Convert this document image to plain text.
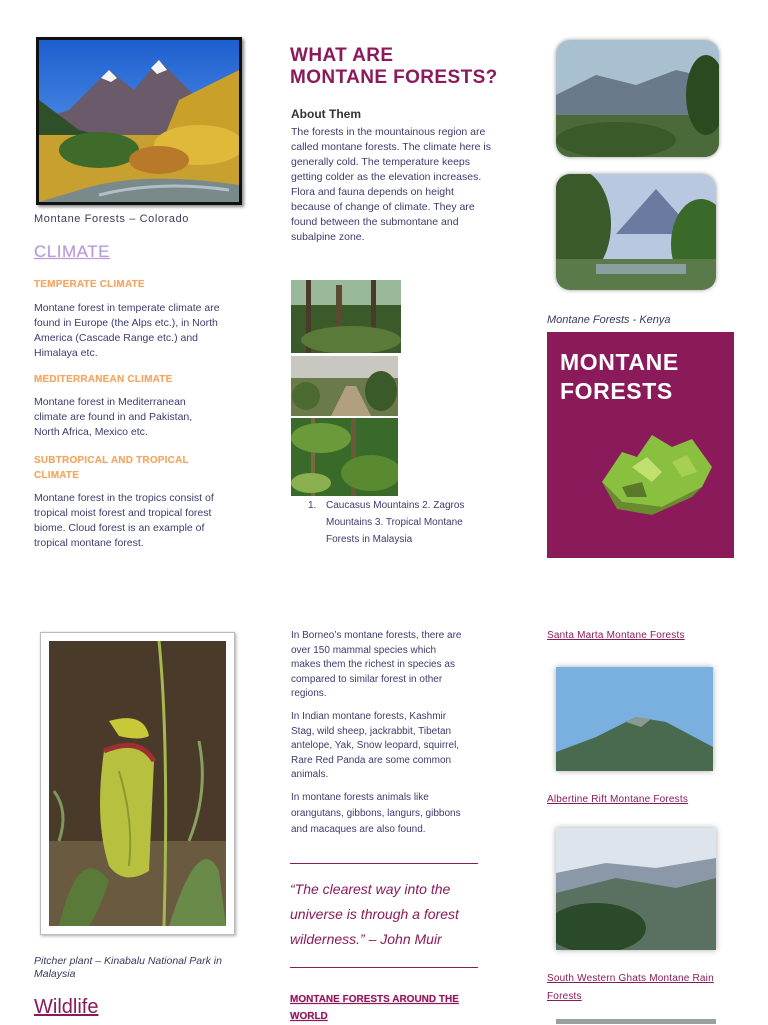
Montane Forests – Colorado
CLIMATE
TEMPERATE CLIMATE
Montane forest in temperate climate are found in Europe (the Alps etc.), in North America (Cascade Range etc.) and Himalaya etc.
MEDITERRANEAN CLIMATE
Montane forest in Mediterranean climate are found in and Pakistan, North Africa, Mexico etc.
SUBTROPICAL AND TROPICAL CLIMATE
Montane forest in the tropics consist of tropical moist forest and tropical forest biome. Cloud forest is an example of tropical montane forest.
Pitcher plant – Kinabalu National Park in Malaysia
Wildlife
WHAT ARE
MONTANE FORESTS?
About Them
The forests in the mountainous region are called montane forests. The climate here is generally cold. The temperature keeps getting colder as the elevation increases. Flora and fauna depends on height because of change of climate. They are found between the submontane and subalpine zone.
1. Caucasus Mountains 2. Zagros Mountains 3. Tropical Montane Forests in Malaysia
In Borneo’s montane forests, there are over 150 mammal species which makes them the richest in species as compared to similar forest in other regions.
In Indian montane forests, Kashmir Stag, wild sheep, jackrabbit, Tibetan antelope, Yak, Snow leopard, squirrel, Rare Red Panda are some common animals.
In montane forests animals like orangutans, gibbons, langurs, gibbons and macaques are also found.
“The clearest way into the universe is through a forest wilderness.” – John Muir
MONTANE FORESTS AROUND THE WORLD
Montane Forests - Kenya
MONTANE
FORESTS
Santa Marta Montane Forests
Albertine Rift Montane Forests
South Western Ghats Montane Rain Forests
